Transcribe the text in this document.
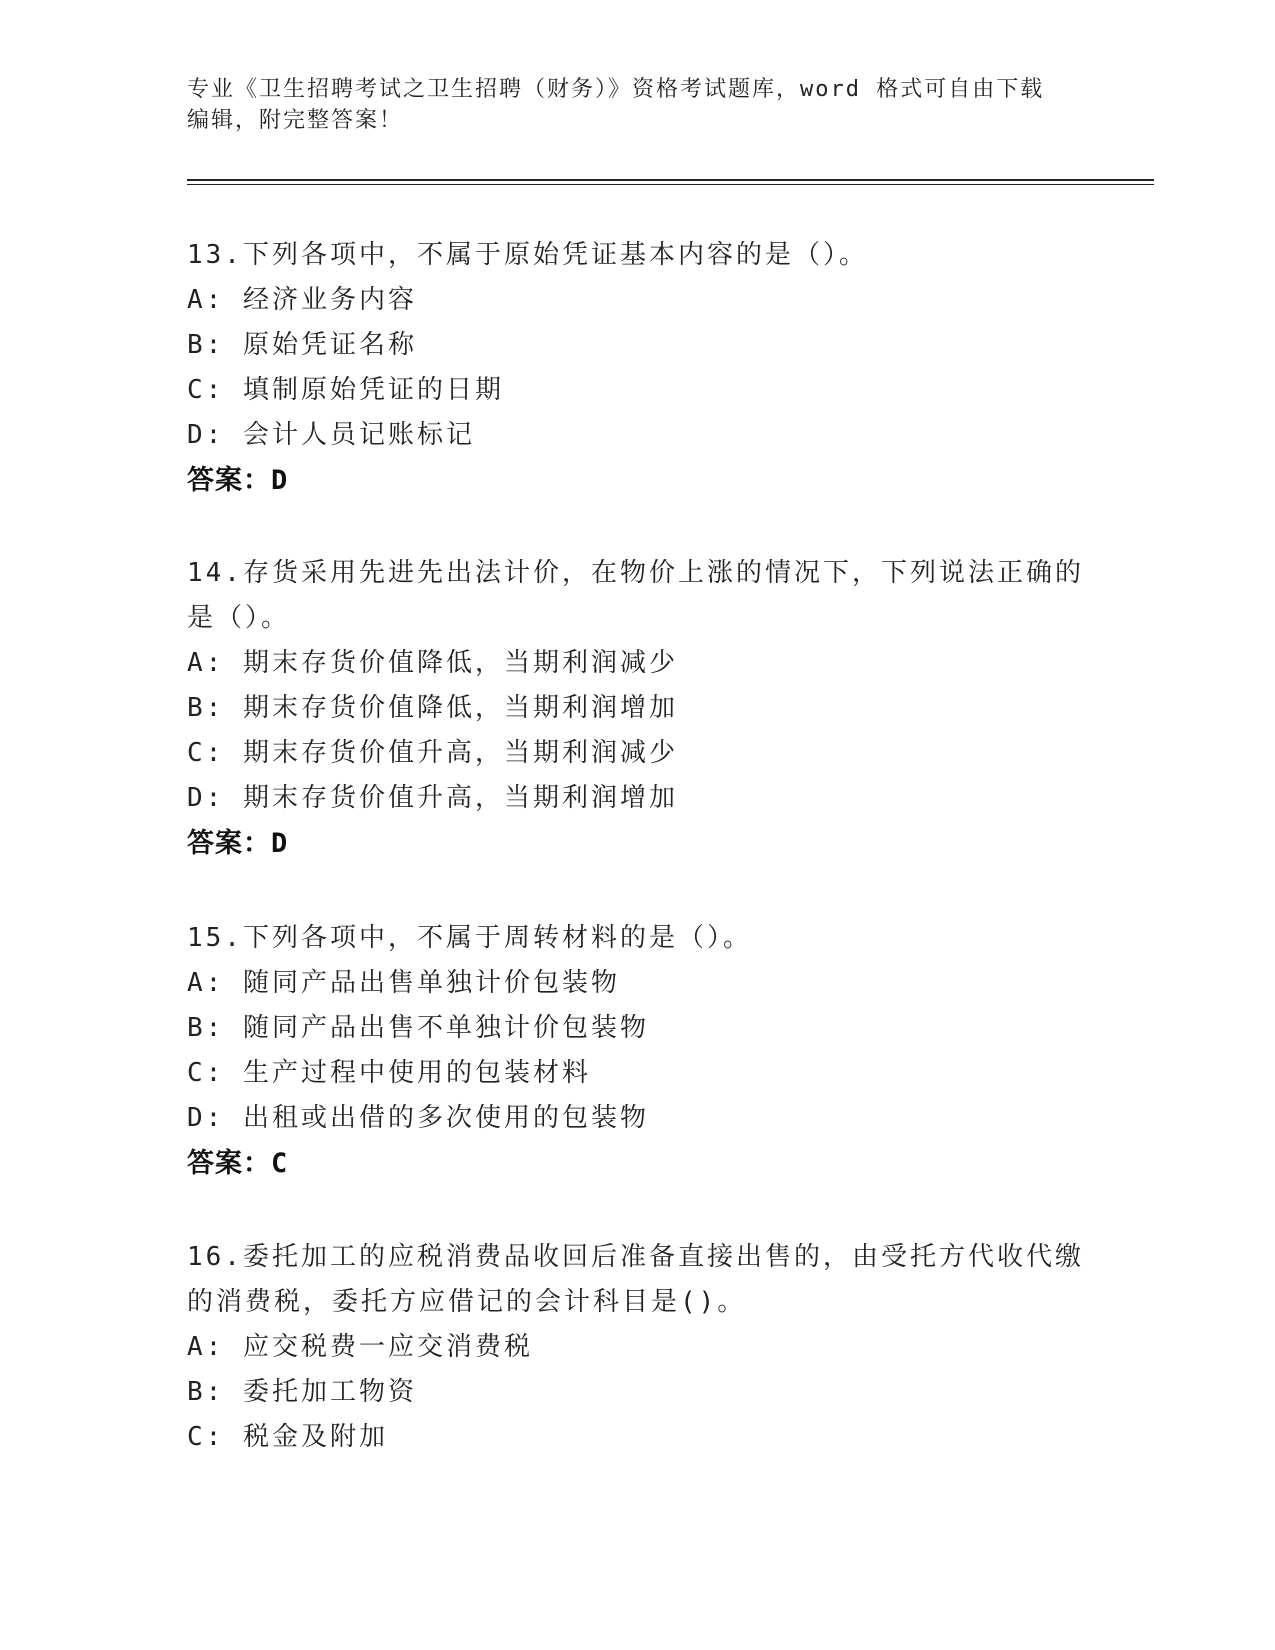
专业《卫生招聘考试之卫生招聘（财务）》资格考试题库，word 格式可自由下载
编辑，附完整答案！

13.下列各项中，不属于原始凭证基本内容的是（）。

A: 经济业务内容

B: 原始凭证名称

C: 填制原始凭证的日期

D: 会计人员记账标记

答案：D

14.存货采用先进先出法计价，在物价上涨的情况下，下列说法正确的是（）。

A: 期末存货价值降低，当期利润减少

B: 期末存货价值降低，当期利润增加

C: 期末存货价值升高，当期利润减少

D: 期末存货价值升高，当期利润增加

答案：D

15.下列各项中，不属于周转材料的是（）。

A: 随同产品出售单独计价包装物

B: 随同产品出售不单独计价包装物

C: 生产过程中使用的包装材料

D: 出租或出借的多次使用的包装物

答案：C

16.委托加工的应税消费品收回后准备直接出售的，由受托方代收代缴的消费税，委托方应借记的会计科目是()。

A: 应交税费一应交消费税

B: 委托加工物资

C: 税金及附加
